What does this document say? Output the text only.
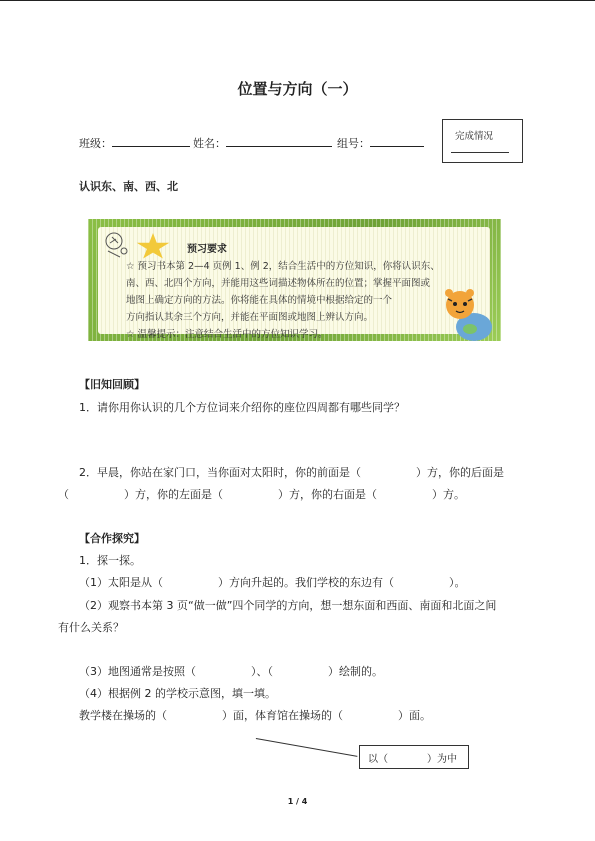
位置与方向（一）
班级：	姓名：	组号：
完成情况
认识东、南、西、北
预习要求
☆ 预习书本第 2—4 页例 1、例 2，结合生活中的方位知识，你将认识东、
南、西、北四个方向，并能用这些词描述物体所在的位置；掌握平面图或
地图上确定方向的方法。你将能在具体的情境中根据给定的一个
方向指认其余三个方向，并能在平面图或地图上辨认方向。
☆ 温馨提示：注意结合生活中的方位知识学习。
【旧知回顾】
1．请你用你认识的几个方位词来介绍你的座位四周都有哪些同学？
2．早晨，你站在家门口，当你面对太阳时，你的前面是（　　　　　）方，你的后面是
（　　　　　）方，你的左面是（　　　　　）方，你的右面是（　　　　　）方。
【合作探究】
1．探一探。
（1）太阳是从（　　　　　）方向升起的。我们学校的东边有（　　　　　）。
（2）观察书本第 3 页“做一做”四个同学的方向，想一想东面和西面、南面和北面之间
有什么关系？
（3）地图通常是按照（　　　　　）、（　　　　　）绘制的。
（4）根据例 2 的学校示意图，填一填。
教学楼在操场的（　　　　　）面，体育馆在操场的（　　　　　）面。
以（	）为中
1 / 4
